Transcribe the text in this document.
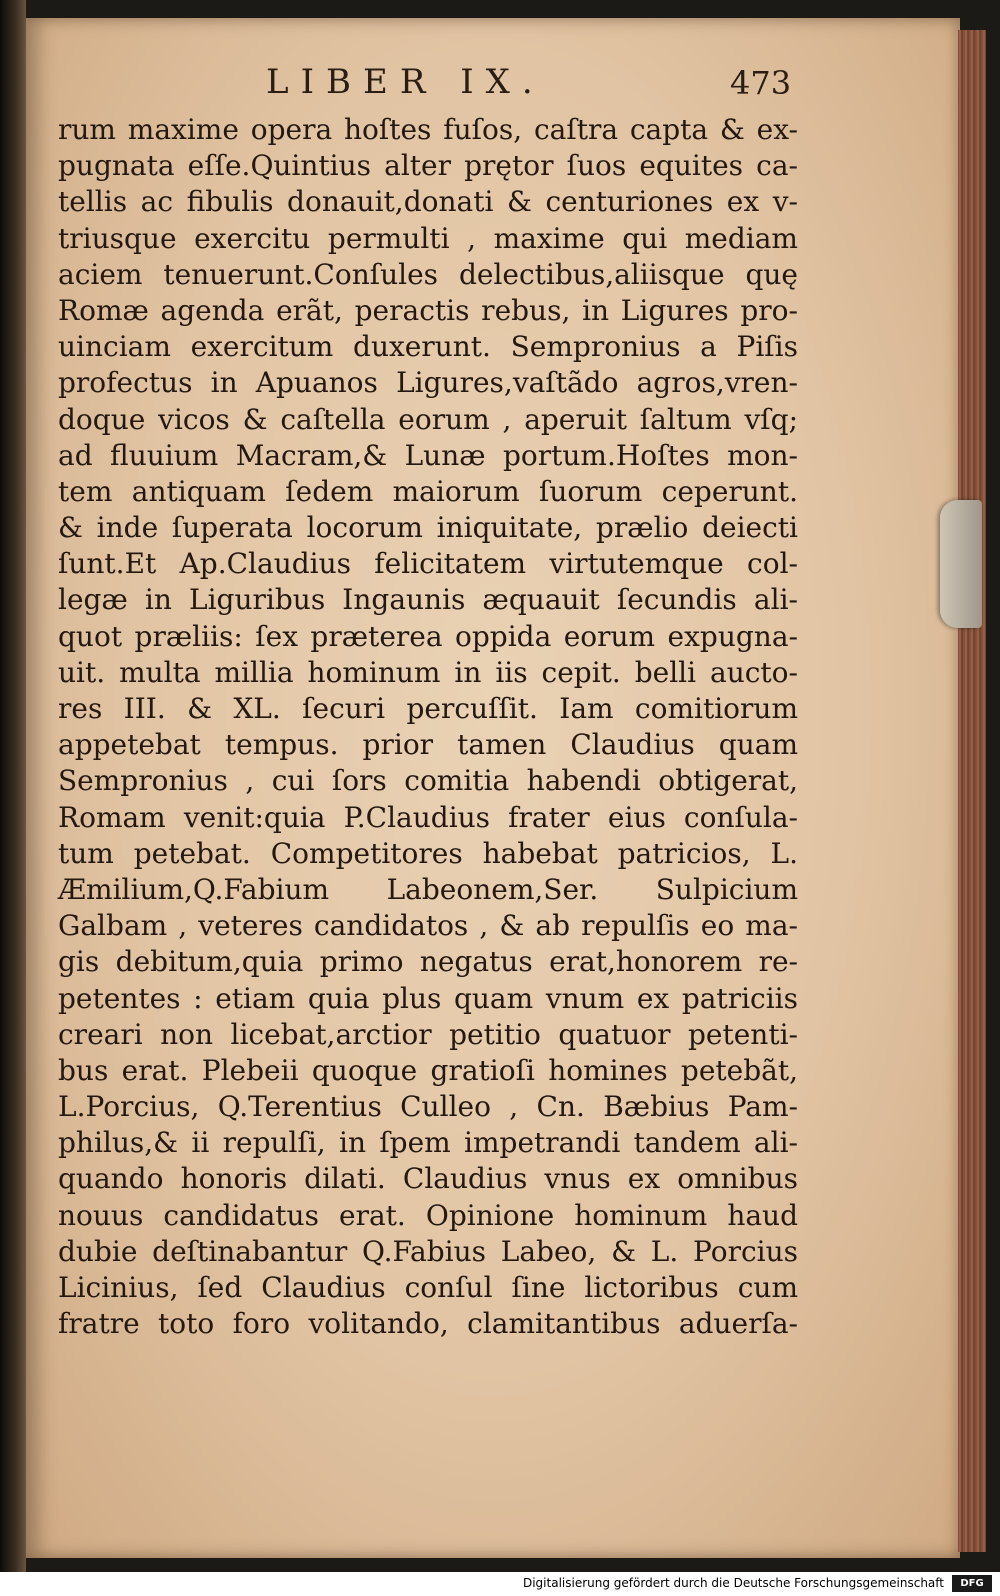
LIBER IX.	473
rum maxime opera hoſtes fuſos, caſtra capta & ex-
pugnata eſſe.Quintius alter prętor ſuos equites ca-
tellis ac fibulis donauit,donati & centuriones ex v-
triusque exercitu permulti , maxime qui mediam
aciem tenuerunt.Conſules delectibus,aliisque quę
Romæ agenda erãt, peractis rebus, in Ligures pro-
uinciam exercitum duxerunt. Sempronius a Piſis
profectus in Apuanos Ligures,vaſtãdo agros,vren-
doque vicos & caſtella eorum , aperuit ſaltum vſq;
ad fluuium Macram,& Lunæ portum.Hoſtes mon-
tem antiquam ſedem maiorum ſuorum ceperunt.
& inde ſuperata locorum iniquitate, prælio deiecti
ſunt.Et Ap.Claudius felicitatem virtutemque col-
legæ in Liguribus Ingaunis æquauit ſecundis ali-
quot præliis: ſex præterea oppida eorum expugna-
uit. multa millia hominum in iis cepit. belli aucto-
res III. & XL. ſecuri percuſſit. Iam comitiorum
appetebat tempus. prior tamen Claudius quam
Sempronius , cui ſors comitia habendi obtigerat,
Romam venit:quia P.Claudius frater eius conſula-
tum petebat. Competitores habebat patricios, L.
Æmilium,Q.Fabium Labeonem,Ser. Sulpicium
Galbam , veteres candidatos , & ab repulſis eo ma-
gis debitum,quia primo negatus erat,honorem re-
petentes : etiam quia plus quam vnum ex patriciis
creari non licebat,arctior petitio quatuor petenti-
bus erat. Plebeii quoque gratioſi homines petebãt,
L.Porcius, Q.Terentius Culleo , Cn. Bæbius Pam-
philus,& ii repulſi, in ſpem impetrandi tandem ali-
quando honoris dilati. Claudius vnus ex omnibus
nouus candidatus erat. Opinione hominum haud
dubie deſtinabantur Q.Fabius Labeo, & L. Porcius
Licinius, ſed Claudius conſul ſine lictoribus cum
fratre toto foro volitando, clamitantibus aduerſa-
Digitalisierung gefördert durch die Deutsche Forschungsgemeinschaft	DFG
